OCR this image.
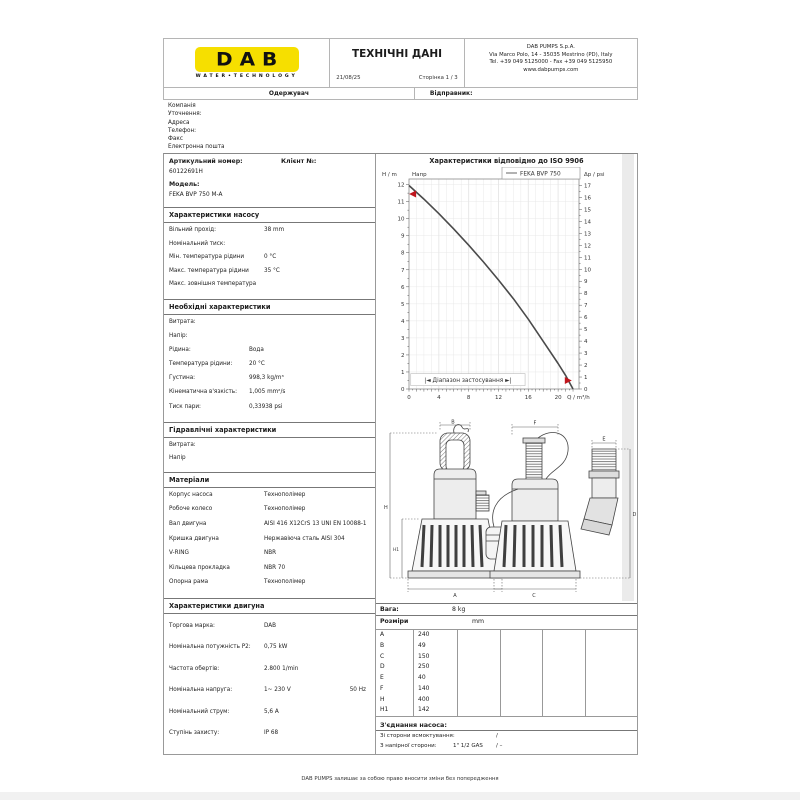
DAB
WATER•TECHNOLOGY
ТЕХНІЧНІ ДАНІ
21/08/25	Сторінка 1 / 3
DAB PUMPS S.p.A.
Via Marco Polo, 14 - 35035 Mestrino (PD), Italy
Tel. +39 049 5125000 - Fax +39 049 5125950
www.dabpumps.com
Одержувач	Відправник:
Компанія
Уточнення:
Адреса
Телефон:
Факс
Електронна пошта
Артикульний номер:	Клієнт №:
60122691H
Модель:
FEKA BVP 750 M-A
Характеристики насосу
Вільний прохід:	38 mm
Номінальний тиск:
Мін. температура рідини	0 °C
Макс. температура рідини	35 °C
Макс. зовнішня температура
Необхідні характеристики
Витрата:
Напір:
Рідина:	Вода
Температура рідини:	20 °C
Густина:	998,3 kg/m³
Кінематична в'язкість: 1,005 mm²/s
Тиск пари:	0,33938 psi
Гідравлічні характеристики
Витрата:
Напір
Матеріали
Корпус насоса	Технополімер
Робоче колесо	Технополімер
Вал двигуна	AISI 416 X12CrS 13 UNI EN 10088-1
Кришка двигуна	Нержавіюча сталь AISI 304
V-RING	NBR
Кільцева прокладка	NBR 70
Опорна рама	Технополімер
Характеристики двигуна
Торгова марка:	DAB
Номінальна потужність P2: 0,75 kW
Частота обертів:	2.800 1/min
Номінальна напруга:	1~ 230 V	50 Hz
Номінальний струм:	5,6 A
Ступінь захисту:	IP 68
Характеристики відповідно до ISO 9906
0
1
2
3
4
5
6
7
8
9
10
11
12
0
1
2
3
4
5
6
7
8
9
10
11
12
13
14
15
16
17
0	4	8	12	16	20 Q / m³/h
H / m	Напр	Δp / psi
|◄ Діапазон застосування ►|
FEKA BVP 750
B
H
H1
A
F
C
E
D
Вага:	8 kg
Розміри	mm
A	240
B	49
C	150
D	250
E	40
F	140
H	400
H1	142
З'єднання насоса:
Зі сторони всмоктування:	/
З напірної сторони:	1" 1/2 GAS / –
DAB PUMPS залишає за собою право вносити зміни без попередження
